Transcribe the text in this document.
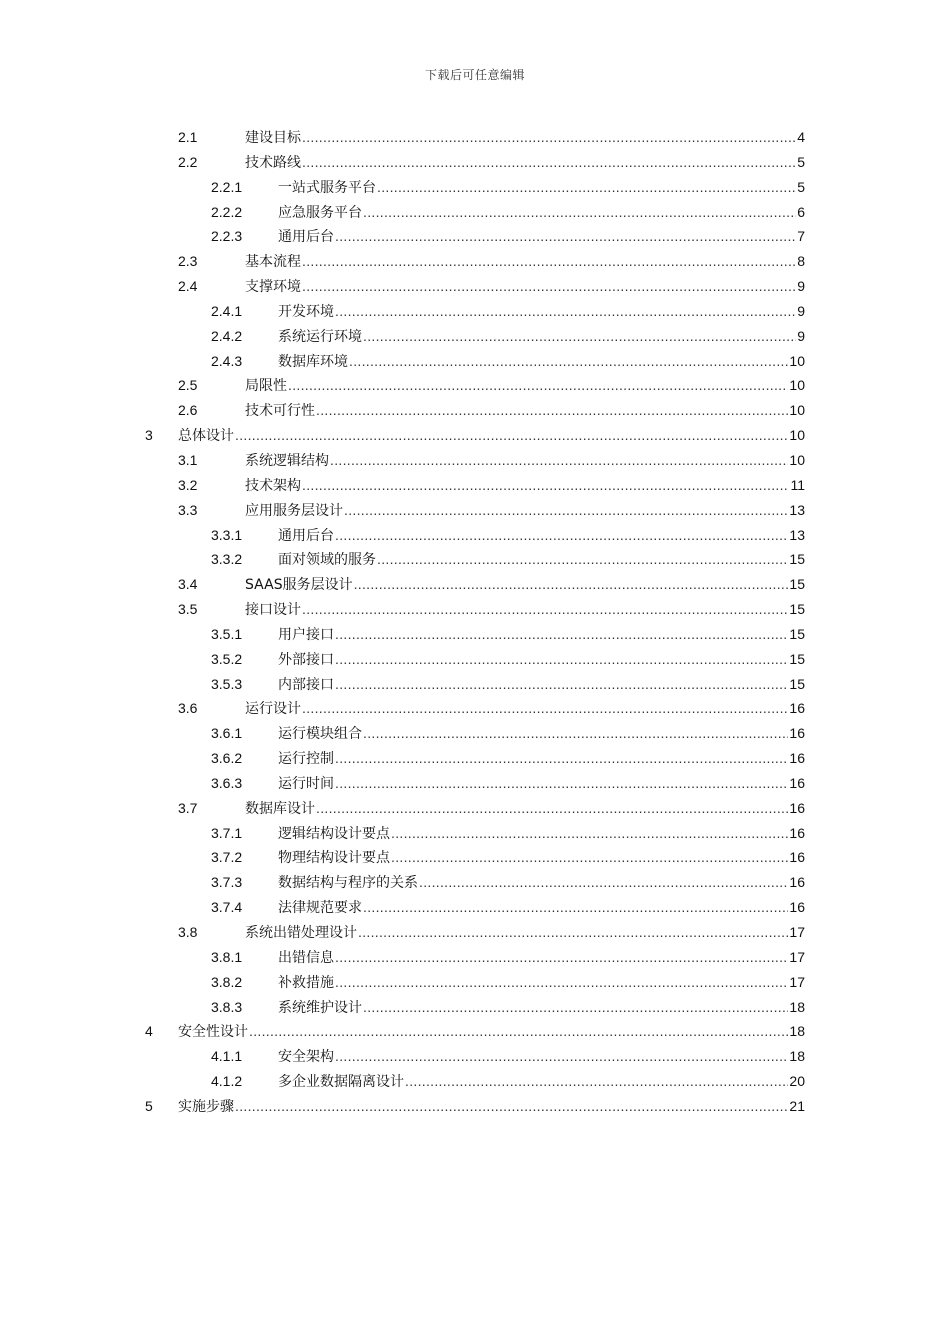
下载后可任意编辑
2.1	建设目标 .....	4
2.2	技术路线 .....	5
2.2.1	一站式服务平台 .....	5
2.2.2	应急服务平台 .....	6
2.2.3	通用后台 .....	7
2.3	基本流程 .....	8
2.4	支撑环境 .....	9
2.4.1	开发环境 .....	9
2.4.2	系统运行环境 .....	9
2.4.3	数据库环境 .....	10
2.5	局限性 .....	10
2.6	技术可行性 .....	10
3 总体设计 .....	10
3.1	系统逻辑结构 .....	10
3.2	技术架构 .....	11
3.3	应用服务层设计 .....	13
3.3.1	通用后台 .....	13
3.3.2	面对领域的服务 .....	15
3.4	SAAS服务层设计 .....	15
3.5	接口设计 .....	15
3.5.1	用户接口 .....	15
3.5.2	外部接口 .....	15
3.5.3	内部接口 .....	15
3.6	运行设计 .....	16
3.6.1	运行模块组合 .....	16
3.6.2	运行控制 .....	16
3.6.3	运行时间 .....	16
3.7	数据库设计 .....	16
3.7.1	逻辑结构设计要点 .....	16
3.7.2	物理结构设计要点 .....	16
3.7.3	数据结构与程序的关系 .....	16
3.7.4	法律规范要求 .....	16
3.8	系统出错处理设计 .....	17
3.8.1	出错信息 .....	17
3.8.2	补救措施 .....	17
3.8.3	系统维护设计 .....	18
4 安全性设计 .....	18
4.1.1	安全架构 .....	18
4.1.2	多企业数据隔离设计 .....	20
5 实施步骤 .....	21
